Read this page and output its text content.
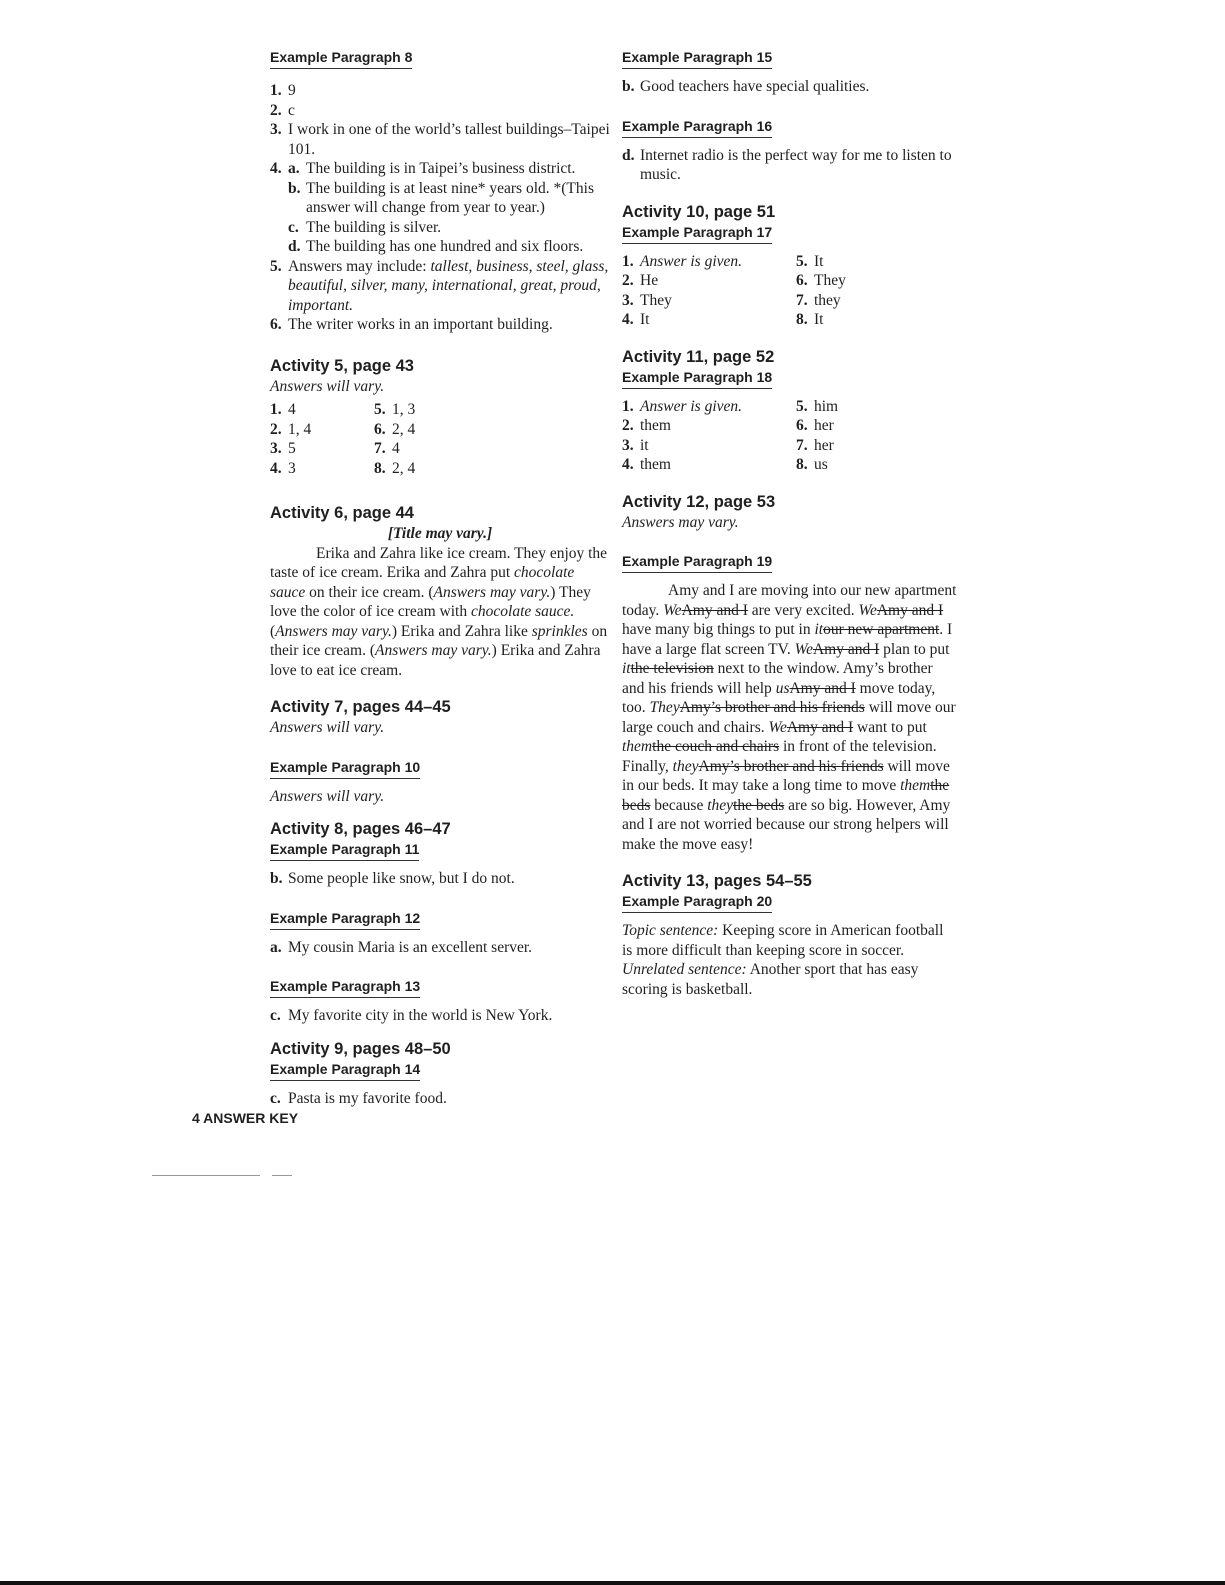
Example Paragraph 8
1. 9
2. c
3. I work in one of the world’s tallest buildings–Taipei 101.
4. a. The building is in Taipei’s business district.
b. The building is at least nine* years old. *(This answer will change from year to year.)
c. The building is silver.
d. The building has one hundred and six floors.
5. Answers may include: tallest, business, steel, glass, beautiful, silver, many, international, great, proud, important.
6. The writer works in an important building.
Activity 5, page 43
Answers will vary.
1. 4	5. 1, 3
2. 1, 4	6. 2, 4
3. 5	7. 4
4. 3	8. 2, 4
Activity 6, page 44
[Title may vary.]
Erika and Zahra like ice cream. They enjoy the taste of ice cream. Erika and Zahra put chocolate sauce on their ice cream. (Answers may vary.) They love the color of ice cream with chocolate sauce. (Answers may vary.) Erika and Zahra like sprinkles on their ice cream. (Answers may vary.) Erika and Zahra love to eat ice cream.
Activity 7, pages 44–45
Answers will vary.
Example Paragraph 10
Answers will vary.
Activity 8, pages 46–47
Example Paragraph 11
b. Some people like snow, but I do not.
Example Paragraph 12
a. My cousin Maria is an excellent server.
Example Paragraph 13
c. My favorite city in the world is New York.
Activity 9, pages 48–50
Example Paragraph 14
c. Pasta is my favorite food.
Example Paragraph 15
b. Good teachers have special qualities.
Example Paragraph 16
d. Internet radio is the perfect way for me to listen to music.
Activity 10, page 51
Example Paragraph 17
1. Answer is given.	5. It
2. He	6. They
3. They	7. they
4. It	8. It
Activity 11, page 52
Example Paragraph 18
1. Answer is given.	5. him
2. them	6. her
3. it	7. her
4. them	8. us
Activity 12, page 53
Answers may vary.
Example Paragraph 19
Amy and I are moving into our new apartment today. WeAmy and I are very excited. WeAmy and I have many big things to put in itour new apartment. I have a large flat screen TV. WeAmy and I plan to put itthe television next to the window. Amy’s brother and his friends will help usAmy and I move today, too. TheyAmy’s brother and his friends will move our large couch and chairs. WeAmy and I want to put themthe couch and chairs in front of the television. Finally, theyAmy’s brother and his friends will move in our beds. It may take a long time to move themthe beds because theythe beds are so big. However, Amy and I are not worried because our strong helpers will make the move easy!
Activity 13, pages 54–55
Example Paragraph 20
Topic sentence: Keeping score in American football is more difficult than keeping score in soccer. Unrelated sentence: Another sport that has easy scoring is basketball.
4 ANSWER KEY
